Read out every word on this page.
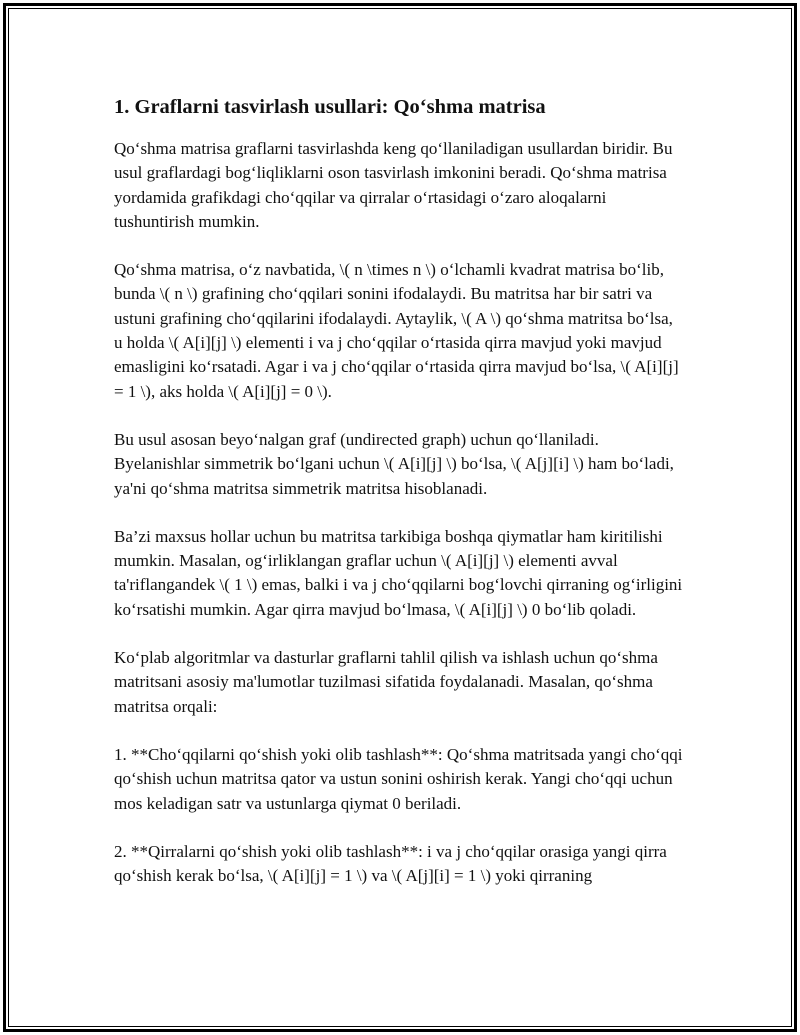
1. Graflarni tasvirlash usullari: Qo‘shma matrisa

Qo‘shma matrisa graflarni tasvirlashda keng qo‘llaniladigan usullardan biridir. Bu usul graflardagi bog‘liqliklarni oson tasvirlash imkonini beradi. Qo‘shma matrisa yordamida grafikdagi cho‘qqilar va qirralar o‘rtasidagi o‘zaro aloqalarni tushuntirish mumkin.

Qo‘shma matrisa, o‘z navbatida, \( n \times n \) o‘lchamli kvadrat matrisa bo‘lib, bunda \( n \) grafining cho‘qqilari sonini ifodalaydi. Bu matritsa har bir satri va ustuni grafining cho‘qqilarini ifodalaydi. Aytaylik, \( A \) qo‘shma matritsa bo‘lsa, u holda \( A[i][j] \) elementi i va j cho‘qqilar o‘rtasida qirra mavjud yoki mavjud emasligini ko‘rsatadi. Agar i va j cho‘qqilar o‘rtasida qirra mavjud bo‘lsa, \( A[i][j] = 1 \), aks holda \( A[i][j] = 0 \).

Bu usul asosan beyo‘nalgan graf (undirected graph) uchun qo‘llaniladi. Byelanishlar simmetrik bo‘lgani uchun \( A[i][j] \) bo‘lsa, \( A[j][i] \) ham bo‘ladi, ya'ni qo‘shma matritsa simmetrik matritsa hisoblanadi.

Ba’zi maxsus hollar uchun bu matritsa tarkibiga boshqa qiymatlar ham kiritilishi mumkin. Masalan, og‘irliklangan graflar uchun \( A[i][j] \) elementi avval ta'riflangandek \( 1 \) emas, balki i va j cho‘qqilarni bog‘lovchi qirraning og‘irligini ko‘rsatishi mumkin. Agar qirra mavjud bo‘lmasa, \( A[i][j] \) 0 bo‘lib qoladi.

Ko‘plab algoritmlar va dasturlar graflarni tahlil qilish va ishlash uchun qo‘shma matritsani asosiy ma'lumotlar tuzilmasi sifatida foydalanadi. Masalan, qo‘shma matritsa orqali:

1. **Cho‘qqilarni qo‘shish yoki olib tashlash**: Qo‘shma matritsada yangi cho‘qqi qo‘shish uchun matritsa qator va ustun sonini oshirish kerak. Yangi cho‘qqi uchun mos keladigan satr va ustunlarga qiymat 0 beriladi.

2. **Qirralarni qo‘shish yoki olib tashlash**: i va j cho‘qqilar orasiga yangi qirra qo‘shish kerak bo‘lsa, \( A[i][j] = 1 \) va \( A[j][i] = 1 \) yoki qirraning
